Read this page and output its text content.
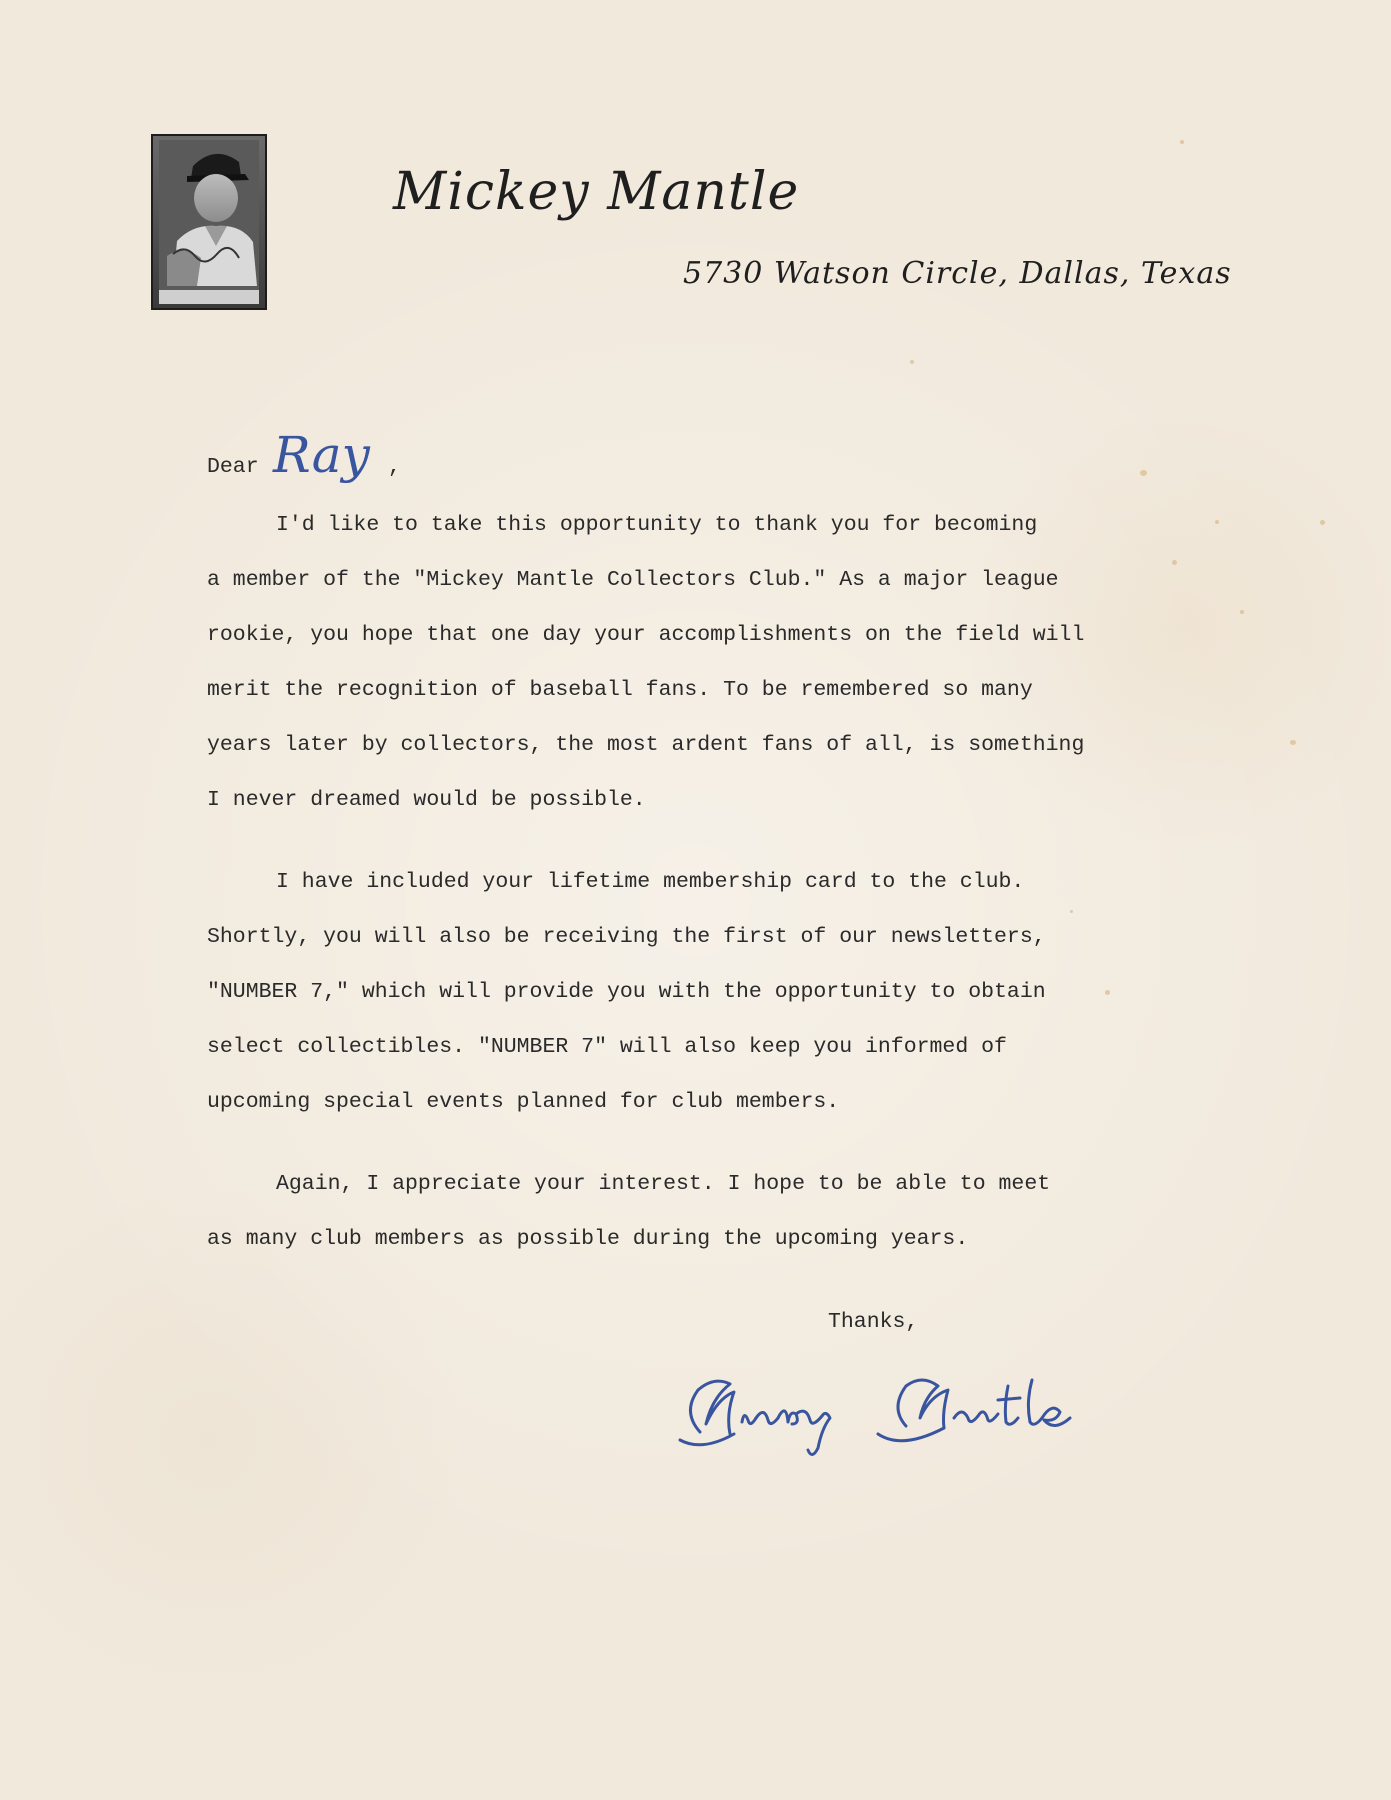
Mickey Mantle
5730 Watson Circle, Dallas, Texas
Dear Ray ,
I'd like to take this opportunity to thank you for becoming
a member of the "Mickey Mantle Collectors Club." As a major league
rookie, you hope that one day your accomplishments on the field will
merit the recognition of baseball fans. To be remembered so many
years later by collectors, the most ardent fans of all, is something
I never dreamed would be possible.
I have included your lifetime membership card to the club.
Shortly, you will also be receiving the first of our newsletters,
"NUMBER 7," which will provide you with the opportunity to obtain
select collectibles. "NUMBER 7" will also keep you informed of
upcoming special events planned for club members.
Again, I appreciate your interest. I hope to be able to meet
as many club members as possible during the upcoming years.
Thanks,
